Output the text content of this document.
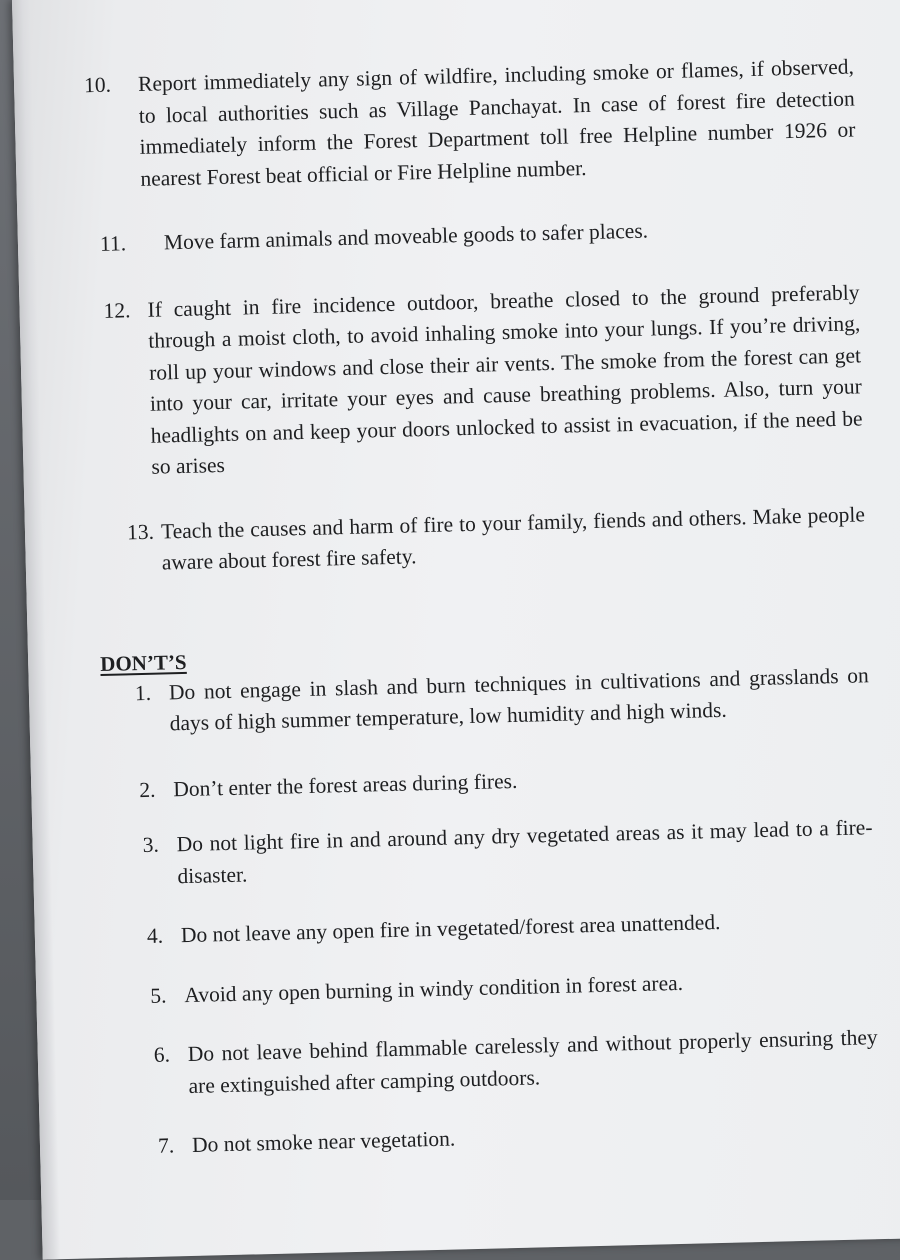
10. Report immediately any sign of wildfire, including smoke or flames, if observed, to local authorities such as Village Panchayat. In case of forest fire detection immediately inform the Forest Department toll free Helpline number 1926 or nearest Forest beat official or Fire Helpline number.
11. Move farm animals and moveable goods to safer places.
12. If caught in fire incidence outdoor, breathe closed to the ground preferably through a moist cloth, to avoid inhaling smoke into your lungs. If you’re driving, roll up your windows and close their air vents. The smoke from the forest can get into your car, irritate your eyes and cause breathing problems. Also, turn your headlights on and keep your doors unlocked to assist in evacuation, if the need be so arises
13. Teach the causes and harm of fire to your family, fiends and others. Make people aware about forest fire safety.
DON’T’S
1. Do not engage in slash and burn techniques in cultivations and grasslands on days of high summer temperature, low humidity and high winds.
2. Don’t enter the forest areas during fires.
3. Do not light fire in and around any dry vegetated areas as it may lead to a fire-disaster.
4. Do not leave any open fire in vegetated/forest area unattended.
5. Avoid any open burning in windy condition in forest area.
6. Do not leave behind flammable carelessly and without properly ensuring they are extinguished after camping outdoors.
7. Do not smoke near vegetation.
